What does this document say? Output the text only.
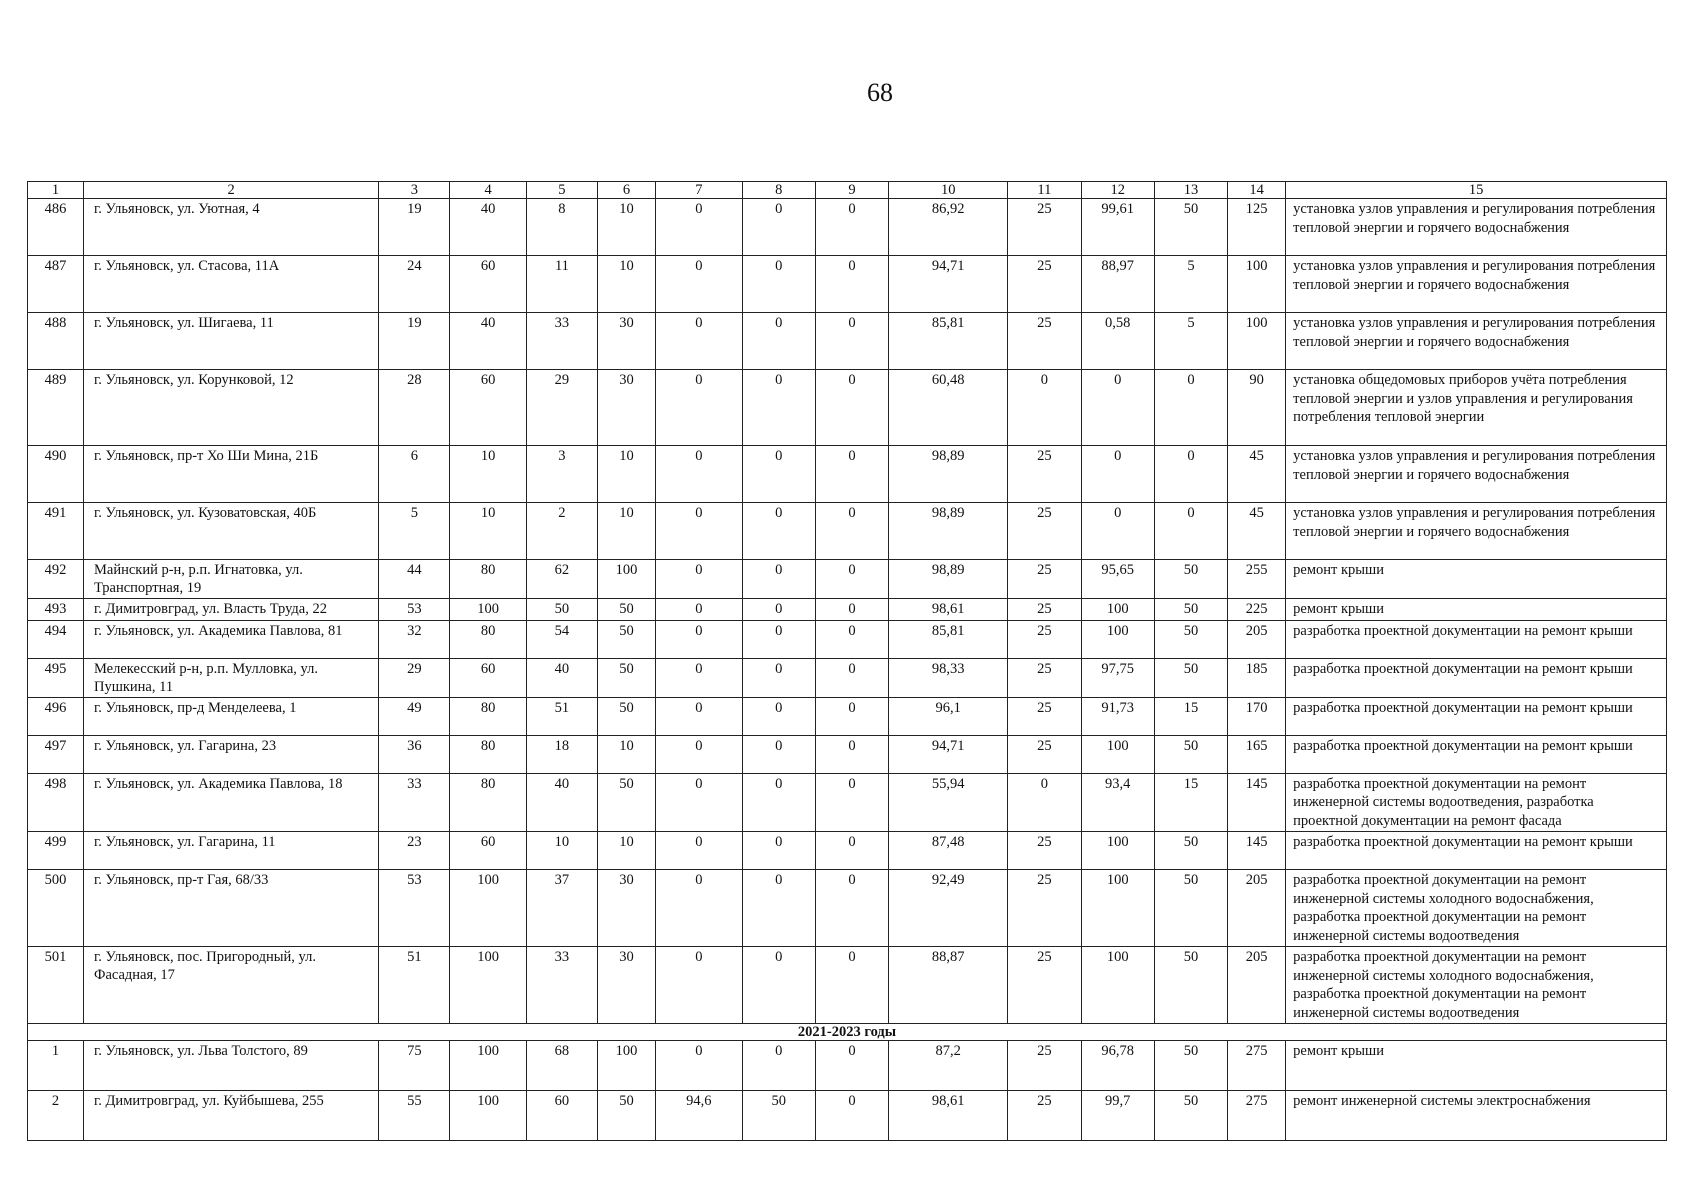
68
1	2	3	4	5	6	7	8	9	10	11	12	13	14	15
486	г. Ульяновск, ул. Уютная, 4	19	40	8	10	0	0	0	86,92	25	99,61	50	125	установка узлов управления и регулирования потребления тепловой энергии и горячего водоснабжения
487	г. Ульяновск, ул. Стасова, 11А	24	60	11	10	0	0	0	94,71	25	88,97	5	100	установка узлов управления и регулирования потребления тепловой энергии и горячего водоснабжения
488	г. Ульяновск, ул. Шигаева, 11	19	40	33	30	0	0	0	85,81	25	0,58	5	100	установка узлов управления и регулирования потребления тепловой энергии и горячего водоснабжения
489	г. Ульяновск, ул. Корунковой, 12	28	60	29	30	0	0	0	60,48	0	0	0	90	установка общедомовых приборов учёта потребления тепловой энергии и узлов управления и регулирования потребления тепловой энергии
490	г. Ульяновск, пр-т Хо Ши Мина, 21Б	6	10	3	10	0	0	0	98,89	25	0	0	45	установка узлов управления и регулирования потребления тепловой энергии и горячего водоснабжения
491	г. Ульяновск, ул. Кузоватовская, 40Б	5	10	2	10	0	0	0	98,89	25	0	0	45	установка узлов управления и регулирования потребления тепловой энергии и горячего водоснабжения
492	Майнский р-н, р.п. Игнатовка, ул. Транспортная, 19	44	80	62	100	0	0	0	98,89	25	95,65	50	255	ремонт крыши
493	г. Димитровград, ул. Власть Труда, 22	53	100	50	50	0	0	0	98,61	25	100	50	225	ремонт крыши
494	г. Ульяновск, ул. Академика Павлова, 81	32	80	54	50	0	0	0	85,81	25	100	50	205	разработка проектной документации на ремонт крыши
495	Мелекесский р-н, р.п. Мулловка, ул. Пушкина, 11	29	60	40	50	0	0	0	98,33	25	97,75	50	185	разработка проектной документации на ремонт крыши
496	г. Ульяновск, пр-д Менделеева, 1	49	80	51	50	0	0	0	96,1	25	91,73	15	170	разработка проектной документации на ремонт крыши
497	г. Ульяновск, ул. Гагарина, 23	36	80	18	10	0	0	0	94,71	25	100	50	165	разработка проектной документации на ремонт крыши
498	г. Ульяновск, ул. Академика Павлова, 18	33	80	40	50	0	0	0	55,94	0	93,4	15	145	разработка проектной документации на ремонт инженерной системы водоотведения, разработка проектной документации на ремонт фасада
499	г. Ульяновск, ул. Гагарина, 11	23	60	10	10	0	0	0	87,48	25	100	50	145	разработка проектной документации на ремонт крыши
500	г. Ульяновск, пр-т Гая, 68/33	53	100	37	30	0	0	0	92,49	25	100	50	205	разработка проектной документации на ремонт инженерной системы холодного водоснабжения, разработка проектной документации на ремонт инженерной системы водоотведения
501	г. Ульяновск, пос. Пригородный, ул. Фасадная, 17	51	100	33	30	0	0	0	88,87	25	100	50	205	разработка проектной документации на ремонт инженерной системы холодного водоснабжения, разработка проектной документации на ремонт инженерной системы водоотведения
2021-2023 годы														
1	г. Ульяновск, ул. Льва Толстого, 89	75	100	68	100	0	0	0	87,2	25	96,78	50	275	ремонт крыши
2	г. Димитровград, ул. Куйбышева, 255	55	100	60	50	94,6	50	0	98,61	25	99,7	50	275	ремонт инженерной системы электроснабжения
